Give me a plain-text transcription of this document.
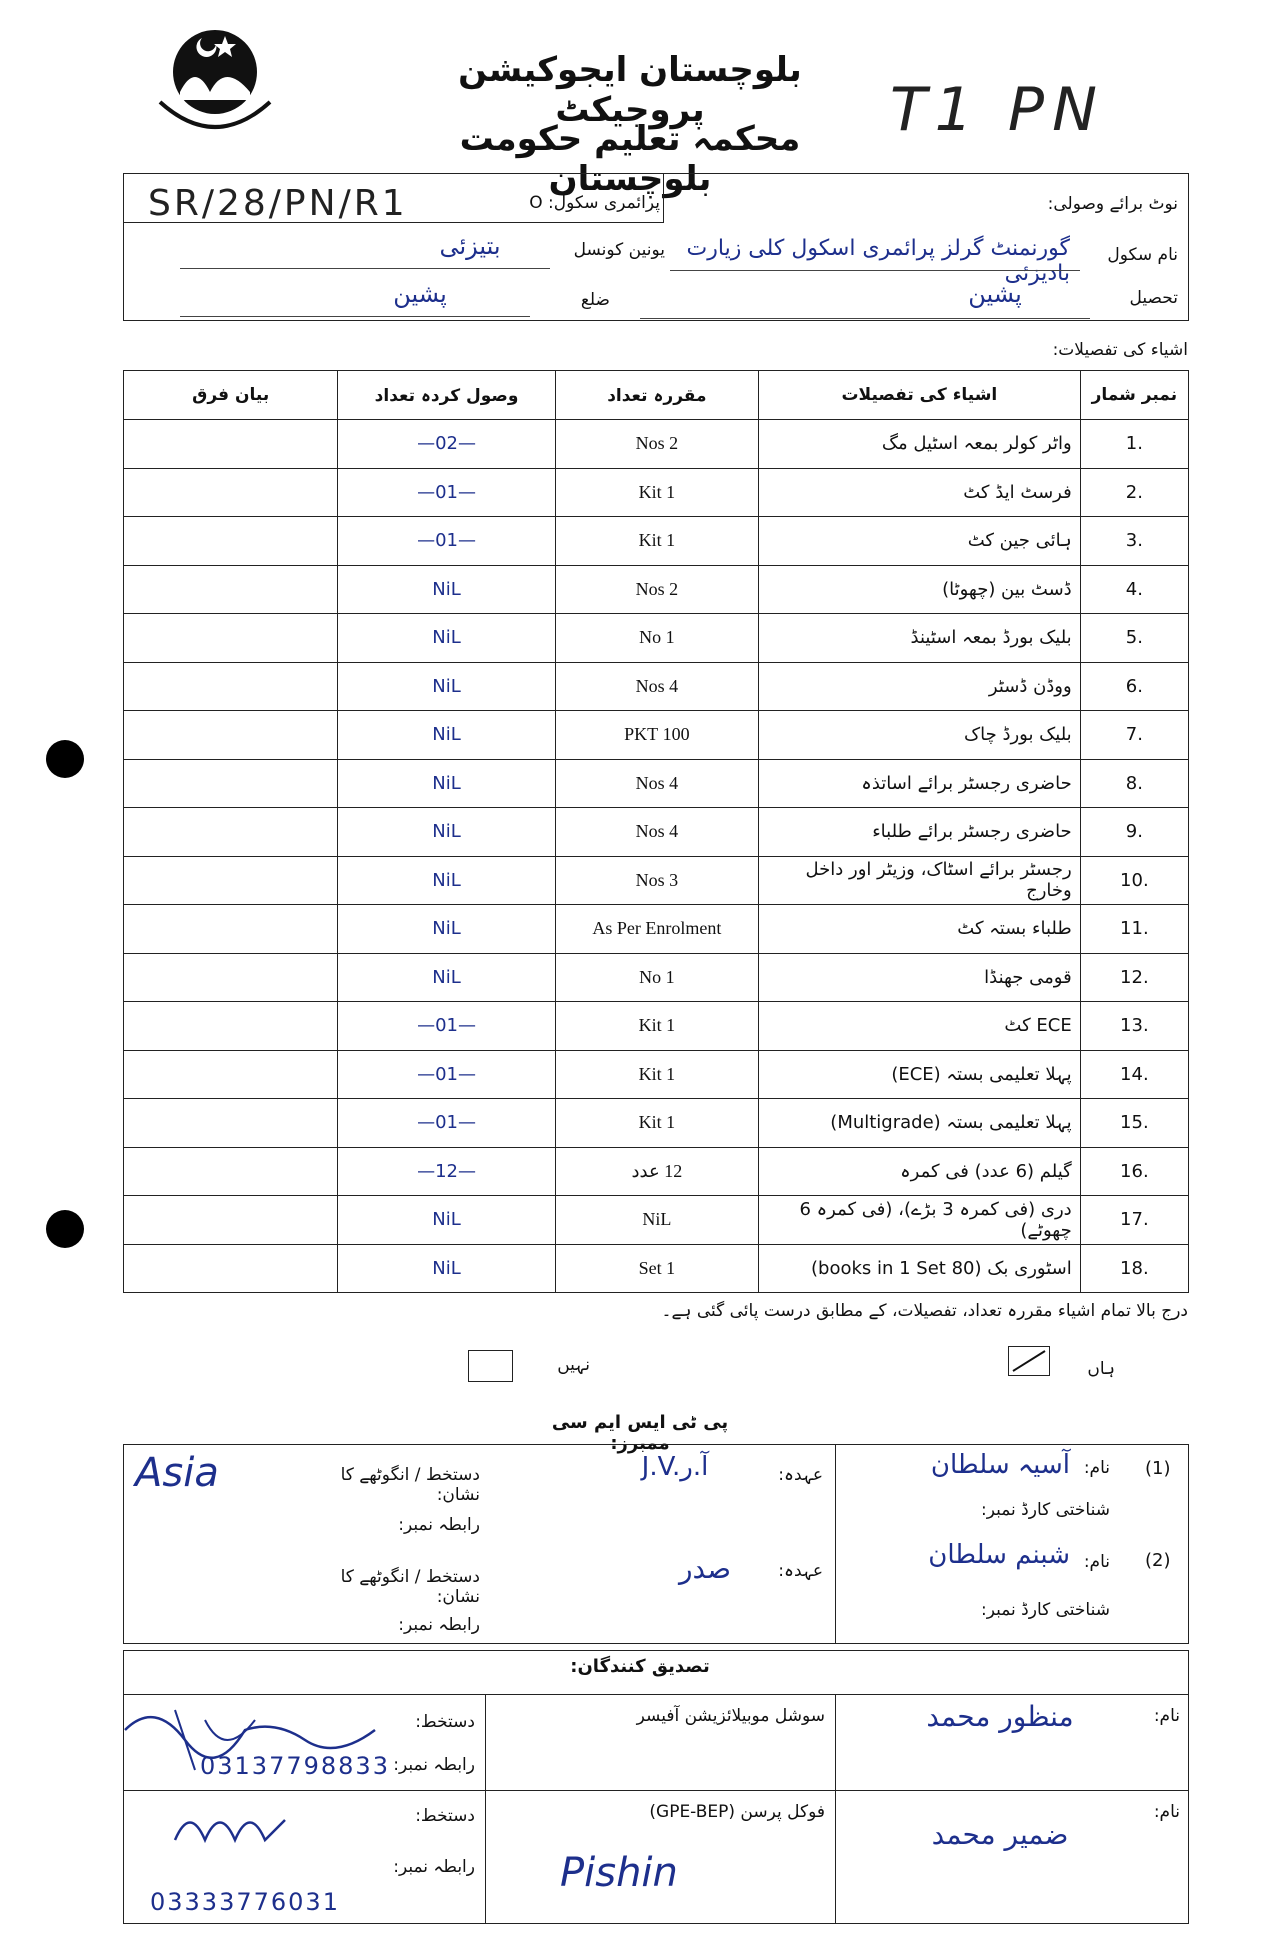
بلوچستان ایجوکیشن پروجیکٹ
محکمہ تعلیم حکومت بلوچستان
T1 PN
SR/28/PN/R1	پرائمری سکول: O	نوٹ برائے وصولی:
نام سکول
گورنمنٹ گرلز پرائمری اسکول کلی زیارت بادیزئی
یونین کونسل
بتیزئی
تحصیل
پشین
ضلع
پشین
اشیاء کی تفصیلات:
نمبر شمار	اشیاء کی تفصیلات	مقررہ تعداد	وصول کردہ تعداد	بیان فرق
.1	واٹر کولر بمعہ اسٹیل مگ	2 Nos	—02—	
.2	فرسٹ ایڈ کٹ	1 Kit	—01—	
.3	ہائی جین کٹ	1 Kit	—01—	
.4	ڈسٹ بین (چھوٹا)	2 Nos	NiL	
.5	بلیک بورڈ بمعہ اسٹینڈ	1 No	NiL	
.6	ووڈن ڈسٹر	4 Nos	NiL	
.7	بلیک بورڈ چاک	100 PKT	NiL	
.8	حاضری رجسٹر برائے اساتذہ	4 Nos	NiL	
.9	حاضری رجسٹر برائے طلباء	4 Nos	NiL	
.10	رجسٹر برائے اسٹاک، وزیٹر اور داخل وخارج	3 Nos	NiL	
.11	طلباء بستہ کٹ	As Per Enrolment	NiL	
.12	قومی جھنڈا	1 No	NiL	
.13	ECE کٹ	1 Kit	—01—	
.14	پہلا تعلیمی بستہ (ECE)	1 Kit	—01—	
.15	پہلا تعلیمی بستہ (Multigrade)	1 Kit	—01—	
.16	گیلم (6 عدد) فی کمرہ	12 عدد	—12—	
.17	دری (فی کمرہ 3 بڑے)، (فی کمرہ 6 چھوٹے)	NiL	NiL	
.18	اسٹوری بک (80 books in 1 Set)	1 Set	NiL	
درج بالا تمام اشیاء مقررہ تعداد، تفصیلات، کے مطابق درست پائی گئی ہے۔
ہاں
نہیں
پی ٹی ایس ایم سی ممبرز:
(1)
نام:
آسیہ سلطان
شناختی کارڈ نمبر:
عہدہ:
J.V.آ.ر
دستخط / انگوٹھے کا نشان:
Asia
رابطہ نمبر:
(2)
نام:
شبنم سلطان
شناختی کارڈ نمبر:
عہدہ:
صدر
دستخط / انگوٹھے کا نشان:
رابطہ نمبر:
تصدیق کنندگان:
نام:
منظور محمد
سوشل موبیلائزیشن آفیسر
دستخط:
رابطہ نمبر:
03137798833
نام:
ضمیر محمد
فوکل پرسن (GPE-BEP)
دستخط:
رابطہ نمبر:
03333776031
Pishin
